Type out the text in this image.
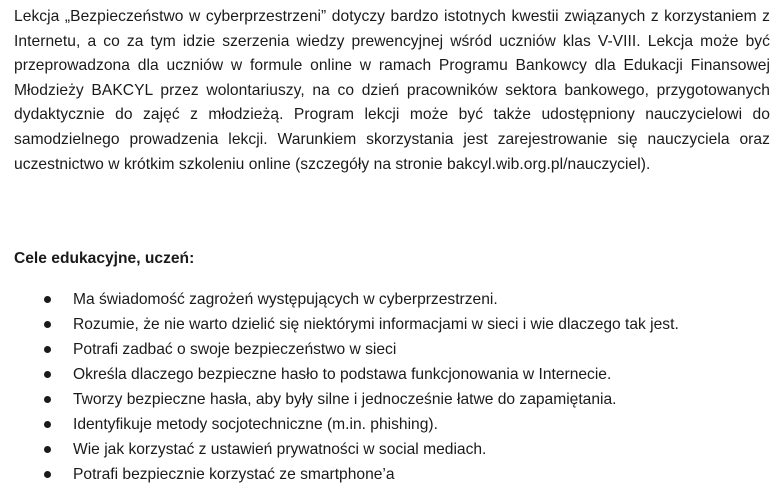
Lekcja „Bezpieczeństwo w cyberprzestrzeni” dotyczy bardzo istotnych kwestii związanych z korzystaniem z Internetu, a co za tym idzie szerzenia wiedzy prewencyjnej wśród uczniów klas V-VIII. Lekcja może być przeprowadzona dla uczniów w formule online w ramach Programu Bankowcy dla Edukacji Finansowej Młodzieży BAKCYL przez wolontariuszy, na co dzień pracowników sektora bankowego, przygotowanych dydaktycznie do zajęć z młodzieżą. Program lekcji może być także udostępniony nauczycielowi do samodzielnego prowadzenia lekcji. Warunkiem skorzystania jest zarejestrowanie się nauczyciela oraz uczestnictwo w krótkim szkoleniu online (szczegóły na stronie bakcyl.wib.org.pl/nauczyciel).

Cele edukacyjne, uczeń:

Ma świadomość zagrożeń występujących w cyberprzestrzeni.
Rozumie, że nie warto dzielić się niektórymi informacjami w sieci i wie dlaczego tak jest.
Potrafi zadbać o swoje bezpieczeństwo w sieci
Określa dlaczego bezpieczne hasło to podstawa funkcjonowania w Internecie.
Tworzy bezpieczne hasła, aby były silne i jednocześnie łatwe do zapamiętania.
Identyfikuje metody socjotechniczne (m.in. phishing).
Wie jak korzystać z ustawień prywatności w social mediach.
Potrafi bezpiecznie korzystać ze smartphone’a
